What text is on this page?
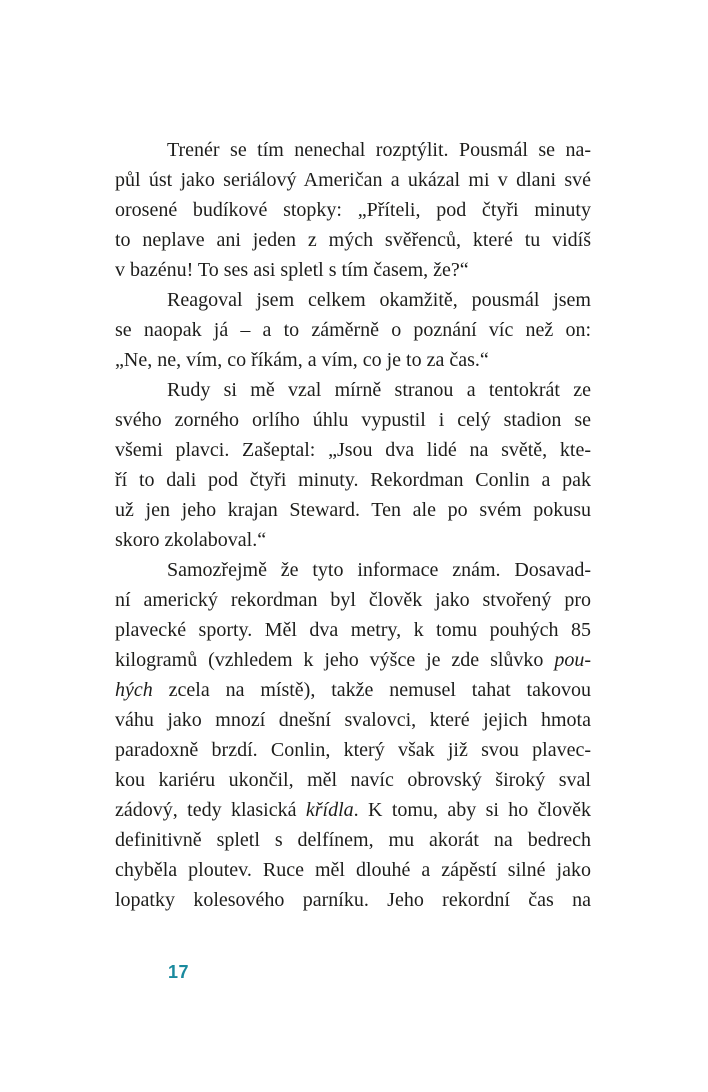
Trenér se tím nenechal rozptýlit. Pousmál se na-
půl úst jako seriálový Američan a ukázal mi v dlani své
orosené budíkové stopky: „Příteli, pod čtyři minuty
to neplave ani jeden z mých svěřenců, které tu vidíš
v bazénu! To ses asi spletl s tím časem, že?“
Reagoval jsem celkem okamžitě, pousmál jsem
se naopak já – a to záměrně o poznání víc než on:
„Ne, ne, vím, co říkám, a vím, co je to za čas.“
Rudy si mě vzal mírně stranou a tentokrát ze
svého zorného orlího úhlu vypustil i celý stadion se
všemi plavci. Zašeptal: „Jsou dva lidé na světě, kte-
ří to dali pod čtyři minuty. Rekordman Conlin a pak
už jen jeho krajan Steward. Ten ale po svém pokusu
skoro zkolaboval.“
Samozřejmě že tyto informace znám. Dosavad-
ní americký rekordman byl člověk jako stvořený pro
plavecké sporty. Měl dva metry, k tomu pouhých 85
kilogramů (vzhledem k jeho výšce je zde slůvko pou-
hých zcela na místě), takže nemusel tahat takovou
váhu jako mnozí dnešní svalovci, které jejich hmota
paradoxně brzdí. Conlin, který však již svou plavec-
kou kariéru ukončil, měl navíc obrovský široký sval
zádový, tedy klasická křídla. K tomu, aby si ho člověk
definitivně spletl s delfínem, mu akorát na bedrech
chyběla ploutev. Ruce měl dlouhé a zápěstí silné jako
lopatky kolesového parníku. Jeho rekordní čas na
17
